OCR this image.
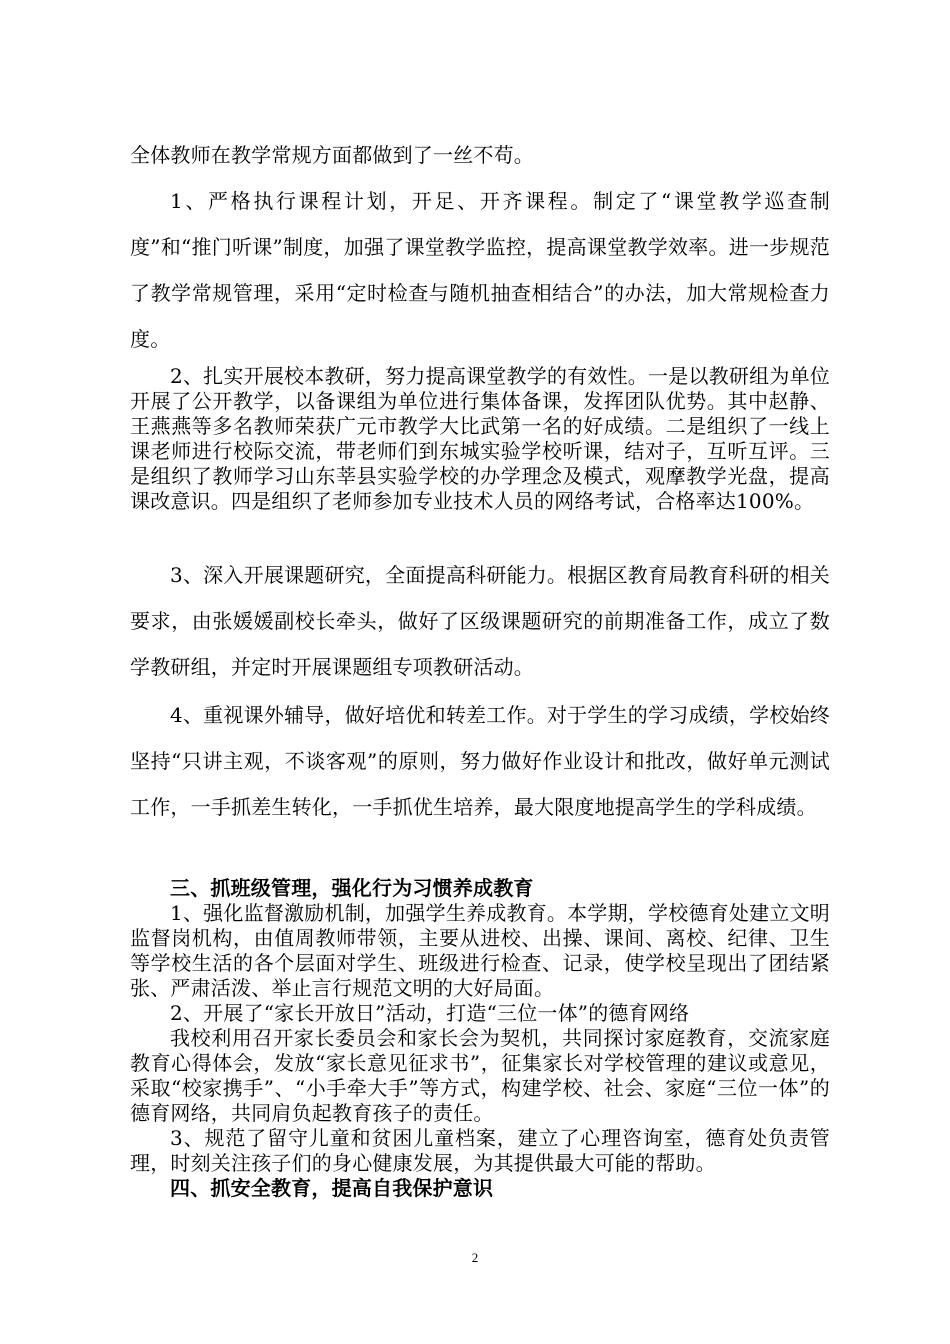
全体教师在教学常规方面都做到了一丝不苟。

1、严格执行课程计划，开足、开齐课程。制定了“课堂教学巡查制度”和“推门听课”制度，加强了课堂教学监控，提高课堂教学效率。进一步规范了教学常规管理，采用“定时检查与随机抽查相结合”的办法，加大常规检查力度。

2、扎实开展校本教研，努力提高课堂教学的有效性。一是以教研组为单位开展了公开教学，以备课组为单位进行集体备课，发挥团队优势。其中赵静、王燕燕等多名教师荣获广元市教学大比武第一名的好成绩。二是组织了一线上课老师进行校际交流，带老师们到东城实验学校听课，结对子，互听互评。三是组织了教师学习山东莘县实验学校的办学理念及模式，观摩教学光盘，提高课改意识。四是组织了老师参加专业技术人员的网络考试，合格率达100%。

3、深入开展课题研究，全面提高科研能力。根据区教育局教育科研的相关要求，由张媛媛副校长牵头，做好了区级课题研究的前期准备工作，成立了数学教研组，并定时开展课题组专项教研活动。

4、重视课外辅导，做好培优和转差工作。对于学生的学习成绩，学校始终坚持“只讲主观，不谈客观”的原则，努力做好作业设计和批改，做好单元测试工作，一手抓差生转化，一手抓优生培养，最大限度地提高学生的学科成绩。

三、抓班级管理，强化行为习惯养成教育

1、强化监督激励机制，加强学生养成教育。本学期，学校德育处建立文明监督岗机构，由值周教师带领，主要从进校、出操、课间、离校、纪律、卫生等学校生活的各个层面对学生、班级进行检查、记录，使学校呈现出了团结紧张、严肃活泼、举止言行规范文明的大好局面。

2、开展了“家长开放日”活动，打造“三位一体”的德育网络

我校利用召开家长委员会和家长会为契机，共同探讨家庭教育，交流家庭教育心得体会，发放“家长意见征求书”，征集家长对学校管理的建议或意见，采取“校家携手”、“小手牵大手”等方式，构建学校、社会、家庭“三位一体”的德育网络，共同肩负起教育孩子的责任。

3、规范了留守儿童和贫困儿童档案，建立了心理咨询室，德育处负责管理，时刻关注孩子们的身心健康发展，为其提供最大可能的帮助。

四、抓安全教育，提高自我保护意识

2
